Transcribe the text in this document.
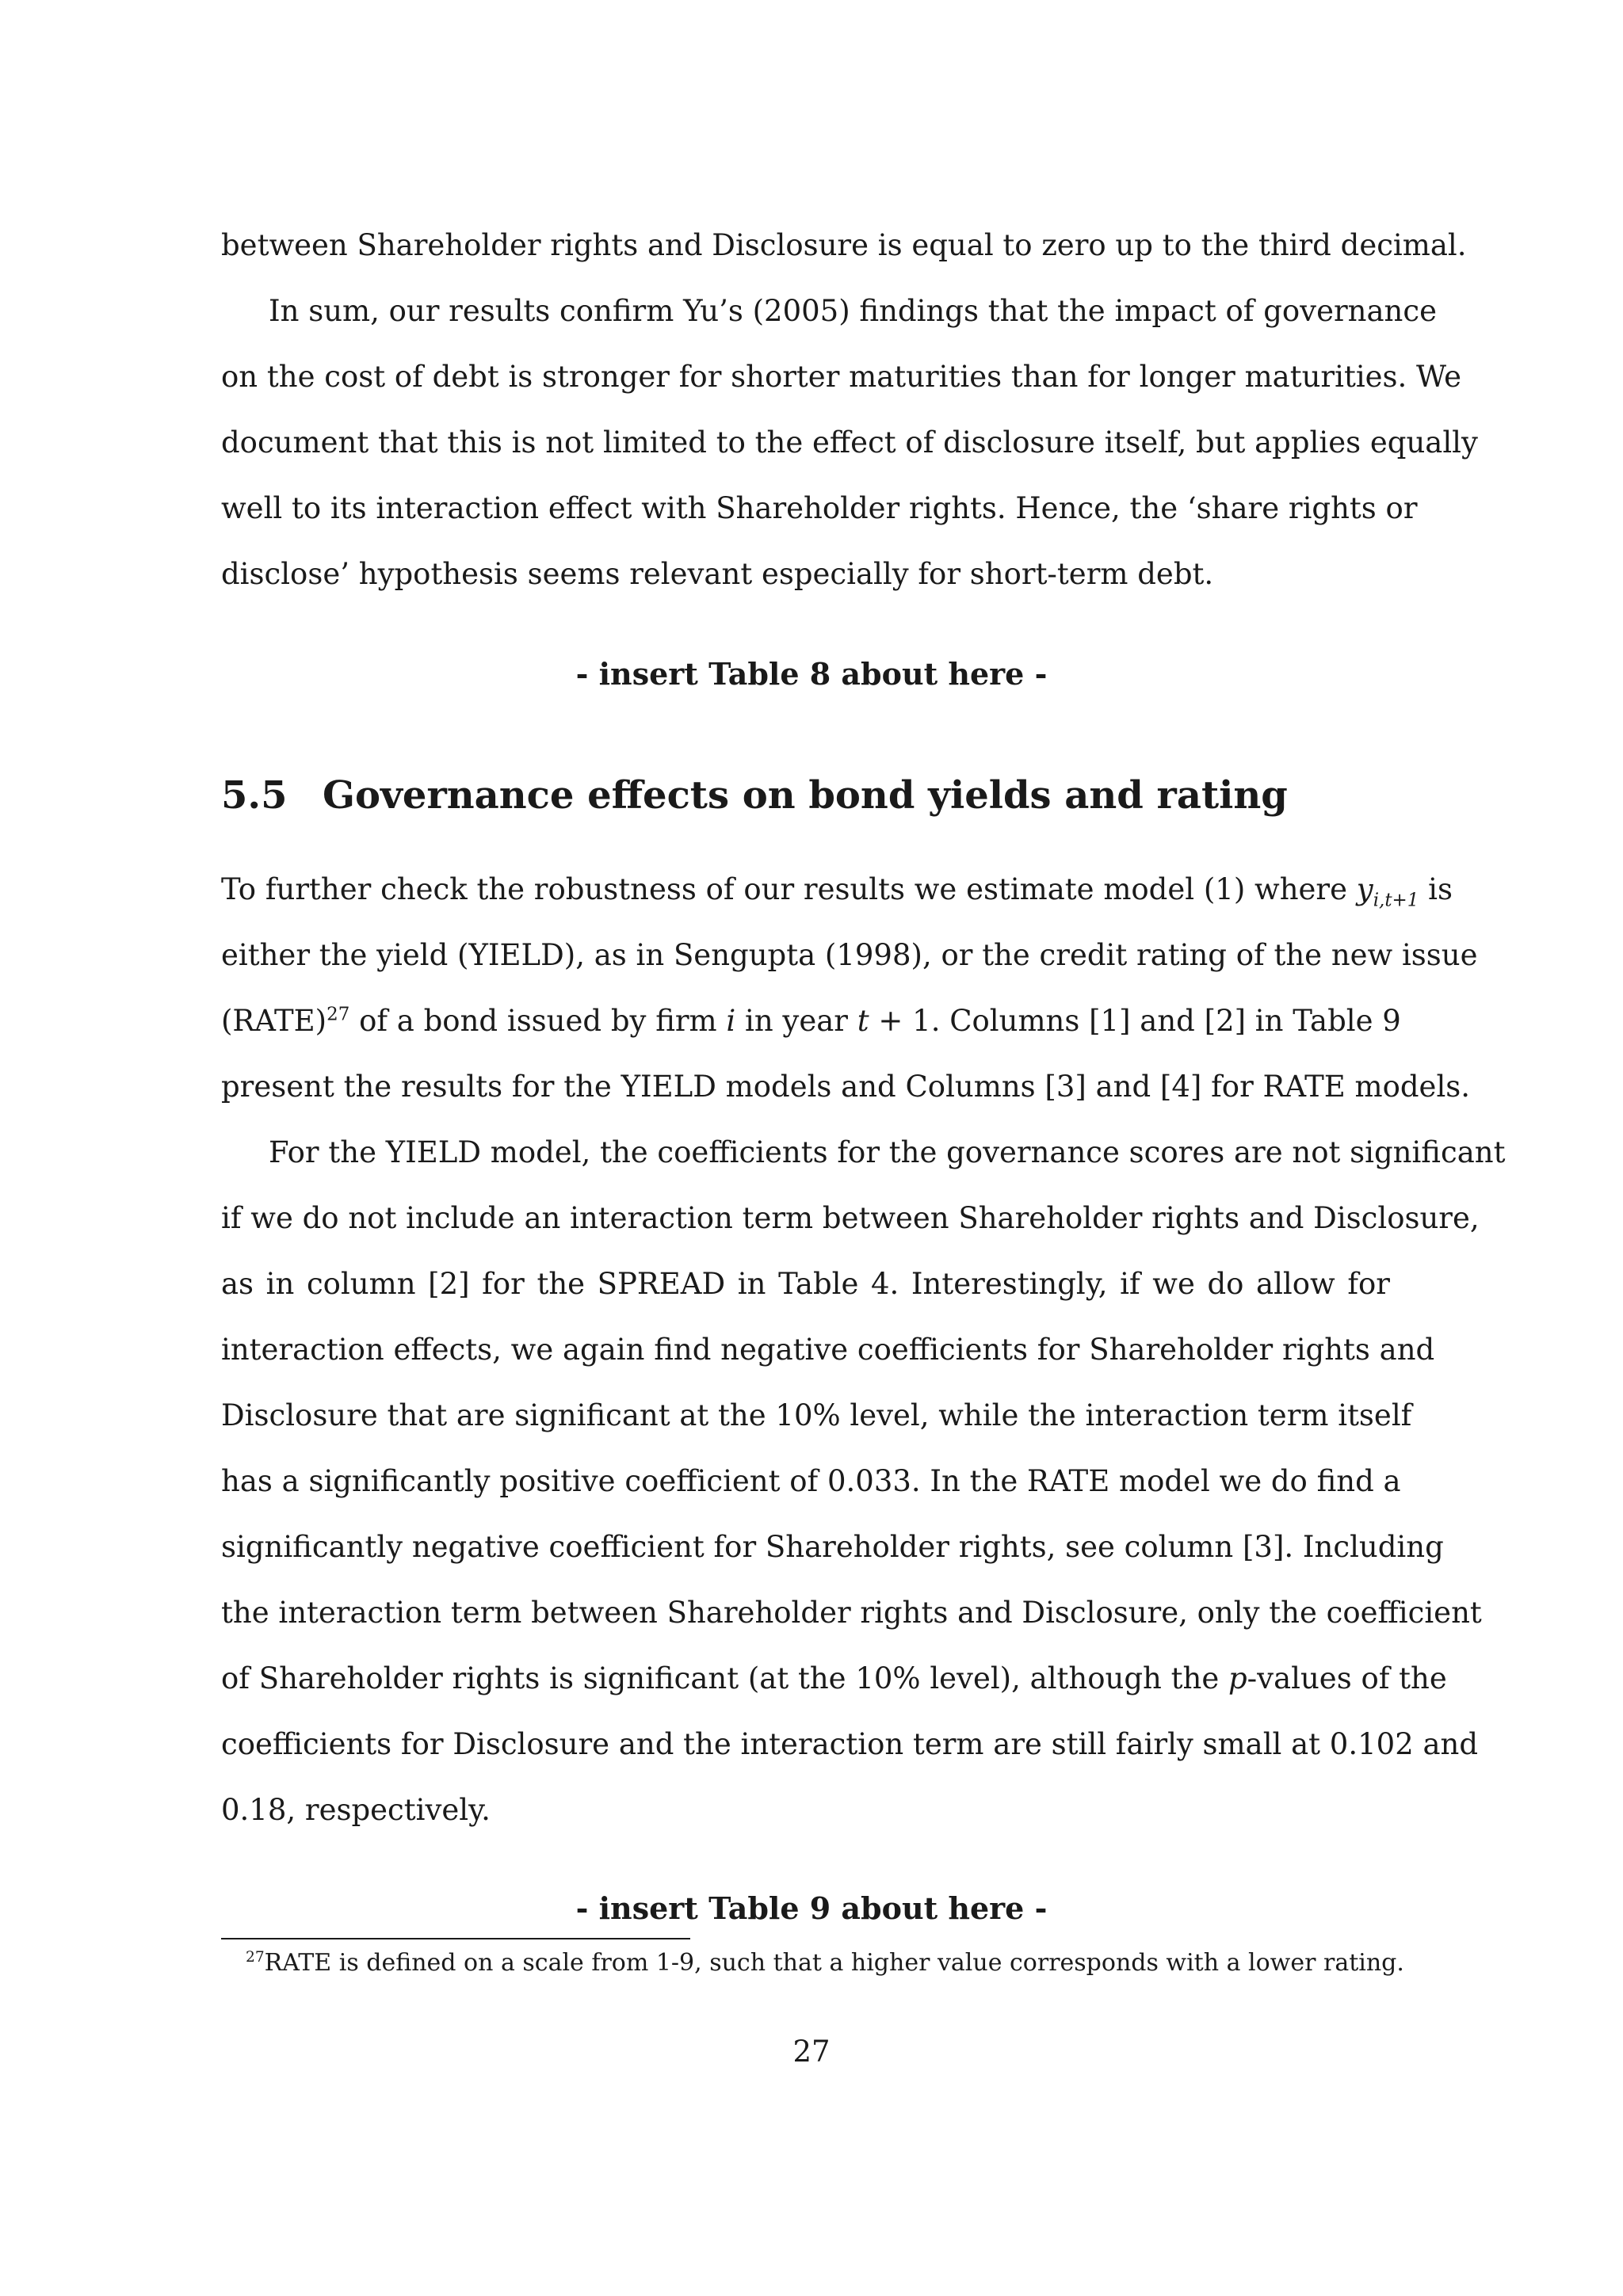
between Shareholder rights and Disclosure is equal to zero up to the third decimal.
In sum, our results confirm Yu’s (2005) findings that the impact of governance
on the cost of debt is stronger for shorter maturities than for longer maturities. We
document that this is not limited to the effect of disclosure itself, but applies equally
well to its interaction effect with Shareholder rights. Hence, the ‘share rights or
disclose’ hypothesis seems relevant especially for short-term debt.

- insert Table 8 about here -

5.5 Governance effects on bond yields and rating
To further check the robustness of our results we estimate model (1) where $y_{i,t+1}$ is
either the yield (YIELD), as in Sengupta (1998), or the credit rating of the new issue
(RATE)$^{27}$ of a bond issued by firm i in year t + 1. Columns [1] and [2] in Table 9
present the results for the YIELD models and Columns [3] and [4] for RATE models.
For the YIELD model, the coefficients for the governance scores are not significant
if we do not include an interaction term between Shareholder rights and Disclosure,
as in column [2] for the SPREAD in Table 4. Interestingly, if we do allow for
interaction effects, we again find negative coefficients for Shareholder rights and
Disclosure that are significant at the 10% level, while the interaction term itself
has a significantly positive coefficient of 0.033. In the RATE model we do find a
significantly negative coefficient for Shareholder rights, see column [3]. Including
the interaction term between Shareholder rights and Disclosure, only the coefficient
of Shareholder rights is significant (at the 10% level), although the p-values of the
coefficients for Disclosure and the interaction term are still fairly small at 0.102 and
0.18, respectively.

- insert Table 9 about here -

$^{27}$RATE is defined on a scale from 1-9, such that a higher value corresponds with a lower rating.

27
